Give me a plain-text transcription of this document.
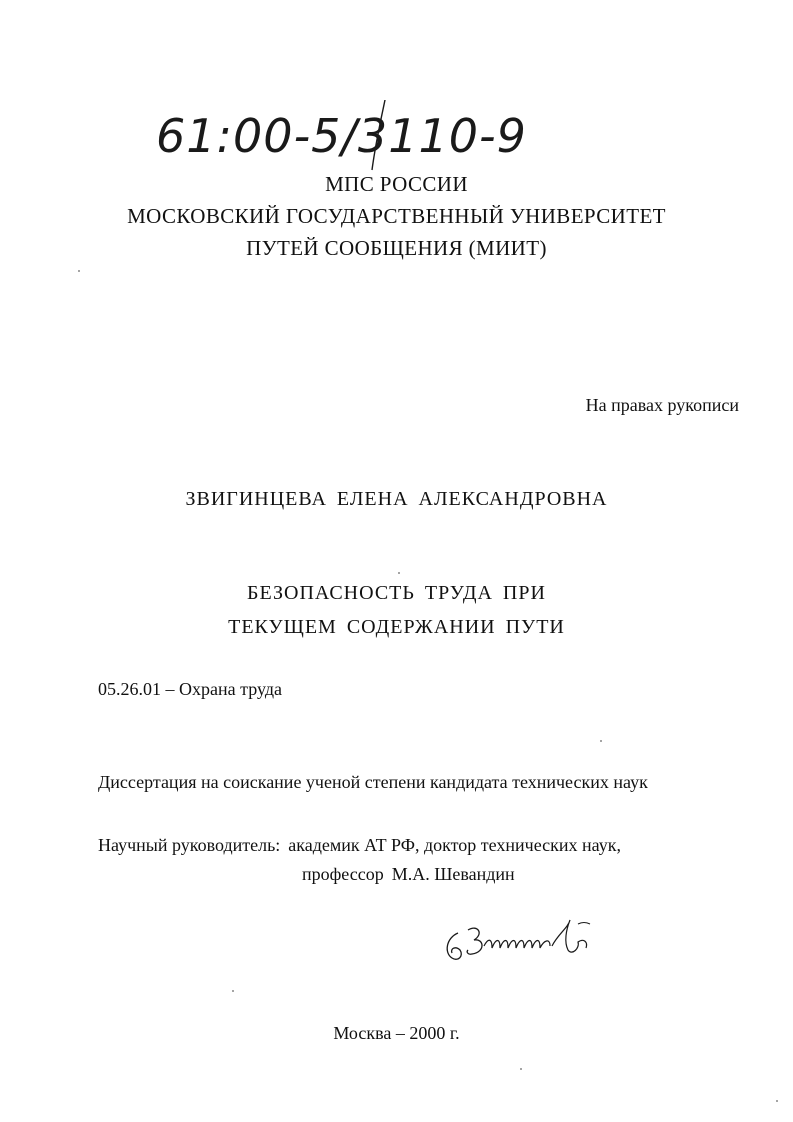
61:00-5/3110-9
МПС РОССИИ
МОСКОВСКИЙ ГОСУДАРСТВЕННЫЙ УНИВЕРСИТЕТ
ПУТЕЙ СООБЩЕНИЯ (МИИТ)
На правах рукописи
ЗВИГИНЦЕВА ЕЛЕНА АЛЕКСАНДРОВНА
БЕЗОПАСНОСТЬ ТРУДА ПРИ
ТЕКУЩЕМ СОДЕРЖАНИИ ПУТИ
05.26.01 – Охрана труда
Диссертация на соискание ученой степени кандидата технических наук
Научный руководитель: академик АТ РФ, доктор технических наук,
профессор М.А. Шевандин
Москва – 2000 г.
